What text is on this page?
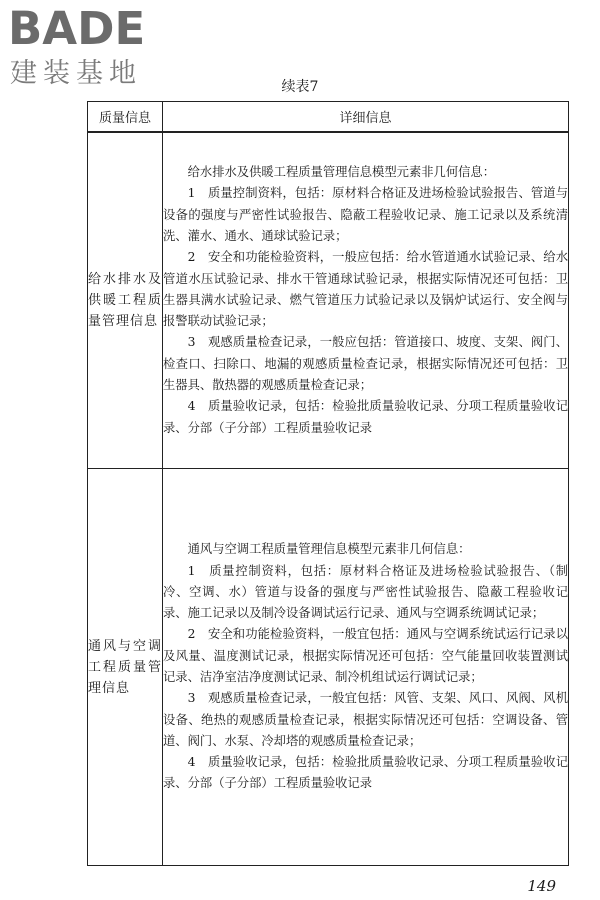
BADE
建装基地	续表7
质量信息	详细信息
给水排水及供暖工程质量管理信息	给水排水及供暖工程质量管理信息模型元素非几何信息：

1　质量控制资料，包括：原材料合格证及进场检验试验报告、管道与设备的强度与严密性试验报告、隐蔽工程验收记录、施工记录以及系统清洗、灌水、通水、通球试验记录；

2　安全和功能检验资料，一般应包括：给水管道通水试验记录、给水管道水压试验记录、排水干管通球试验记录，根据实际情况还可包括：卫生器具满水试验记录、燃气管道压力试验记录以及锅炉试运行、安全阀与报警联动试验记录；

3　观感质量检查记录，一般应包括：管道接口、坡度、支架、阀门、检查口、扫除口、地漏的观感质量检查记录，根据实际情况还可包括：卫生器具、散热器的观感质量检查记录；

4　质量验收记录，包括：检验批质量验收记录、分项工程质量验收记录、分部（子分部）工程质量验收记录

通风与空调工程质量管理信息	通风与空调工程质量管理信息模型元素非几何信息：

1　质量控制资料，包括：原材料合格证及进场检验试验报告、（制冷、空调、水）管道与设备的强度与严密性试验报告、隐蔽工程验收记录、施工记录以及制冷设备调试运行记录、通风与空调系统调试记录；

2　安全和功能检验资料，一般宜包括：通风与空调系统试运行记录以及风量、温度测试记录，根据实际情况还可包括：空气能量回收装置测试记录、洁净室洁净度测试记录、制冷机组试运行调试记录；

3　观感质量检查记录，一般宜包括：风管、支架、风口、风阀、风机设备、绝热的观感质量检查记录，根据实际情况还可包括：空调设备、管道、阀门、水泵、冷却塔的观感质量检查记录；

4　质量验收记录，包括：检验批质量验收记录、分项工程质量验收记录、分部（子分部）工程质量验收记录

149
